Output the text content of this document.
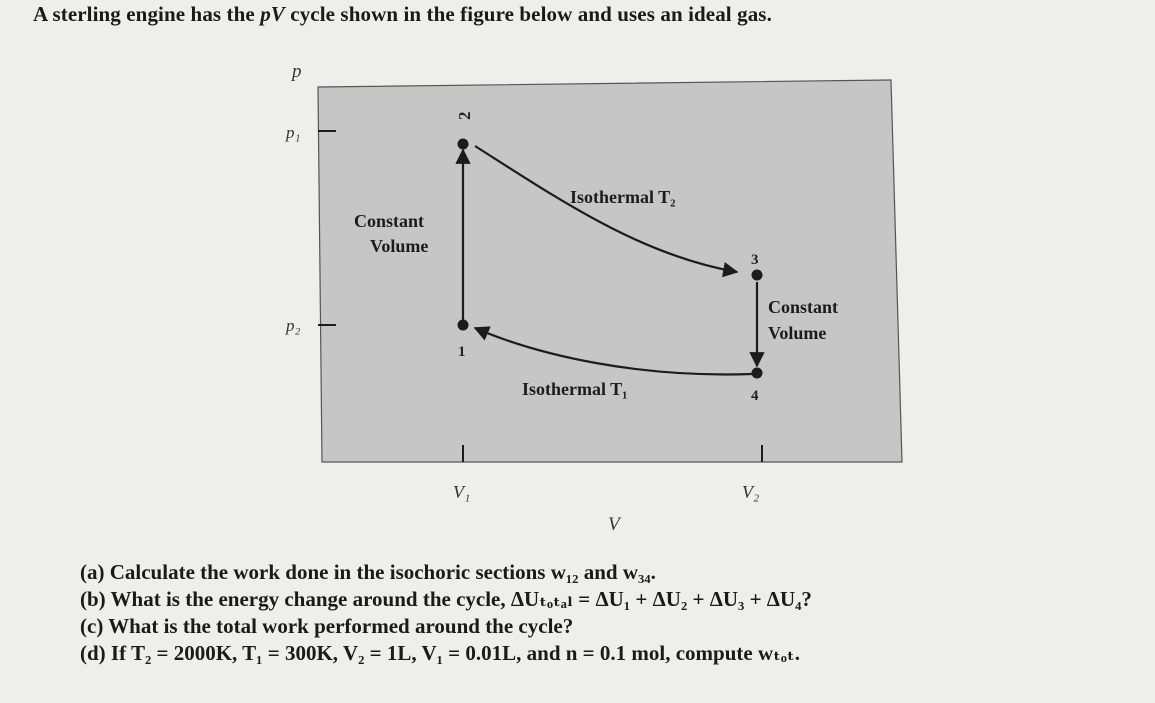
A sterling engine has the pV cycle shown in the figure below and uses an ideal gas.
p
p₁
p₂
V₁	V₂
V
2
1
3
4
Isothermal T₂
Isothermal T₁
Constant
Volume
Constant
Volume
(a) Calculate the work done in the isochoric sections w₁₂ and w₃₄.
(b) What is the energy change around the cycle, ΔUₜₒₜₐₗ = ΔU₁ + ΔU₂ + ΔU₃ + ΔU₄?
(c) What is the total work performed around the cycle?
(d) If T₂ = 2000K, T₁ = 300K, V₂ = 1L, V₁ = 0.01L, and n = 0.1 mol, compute wₜₒₜ.
